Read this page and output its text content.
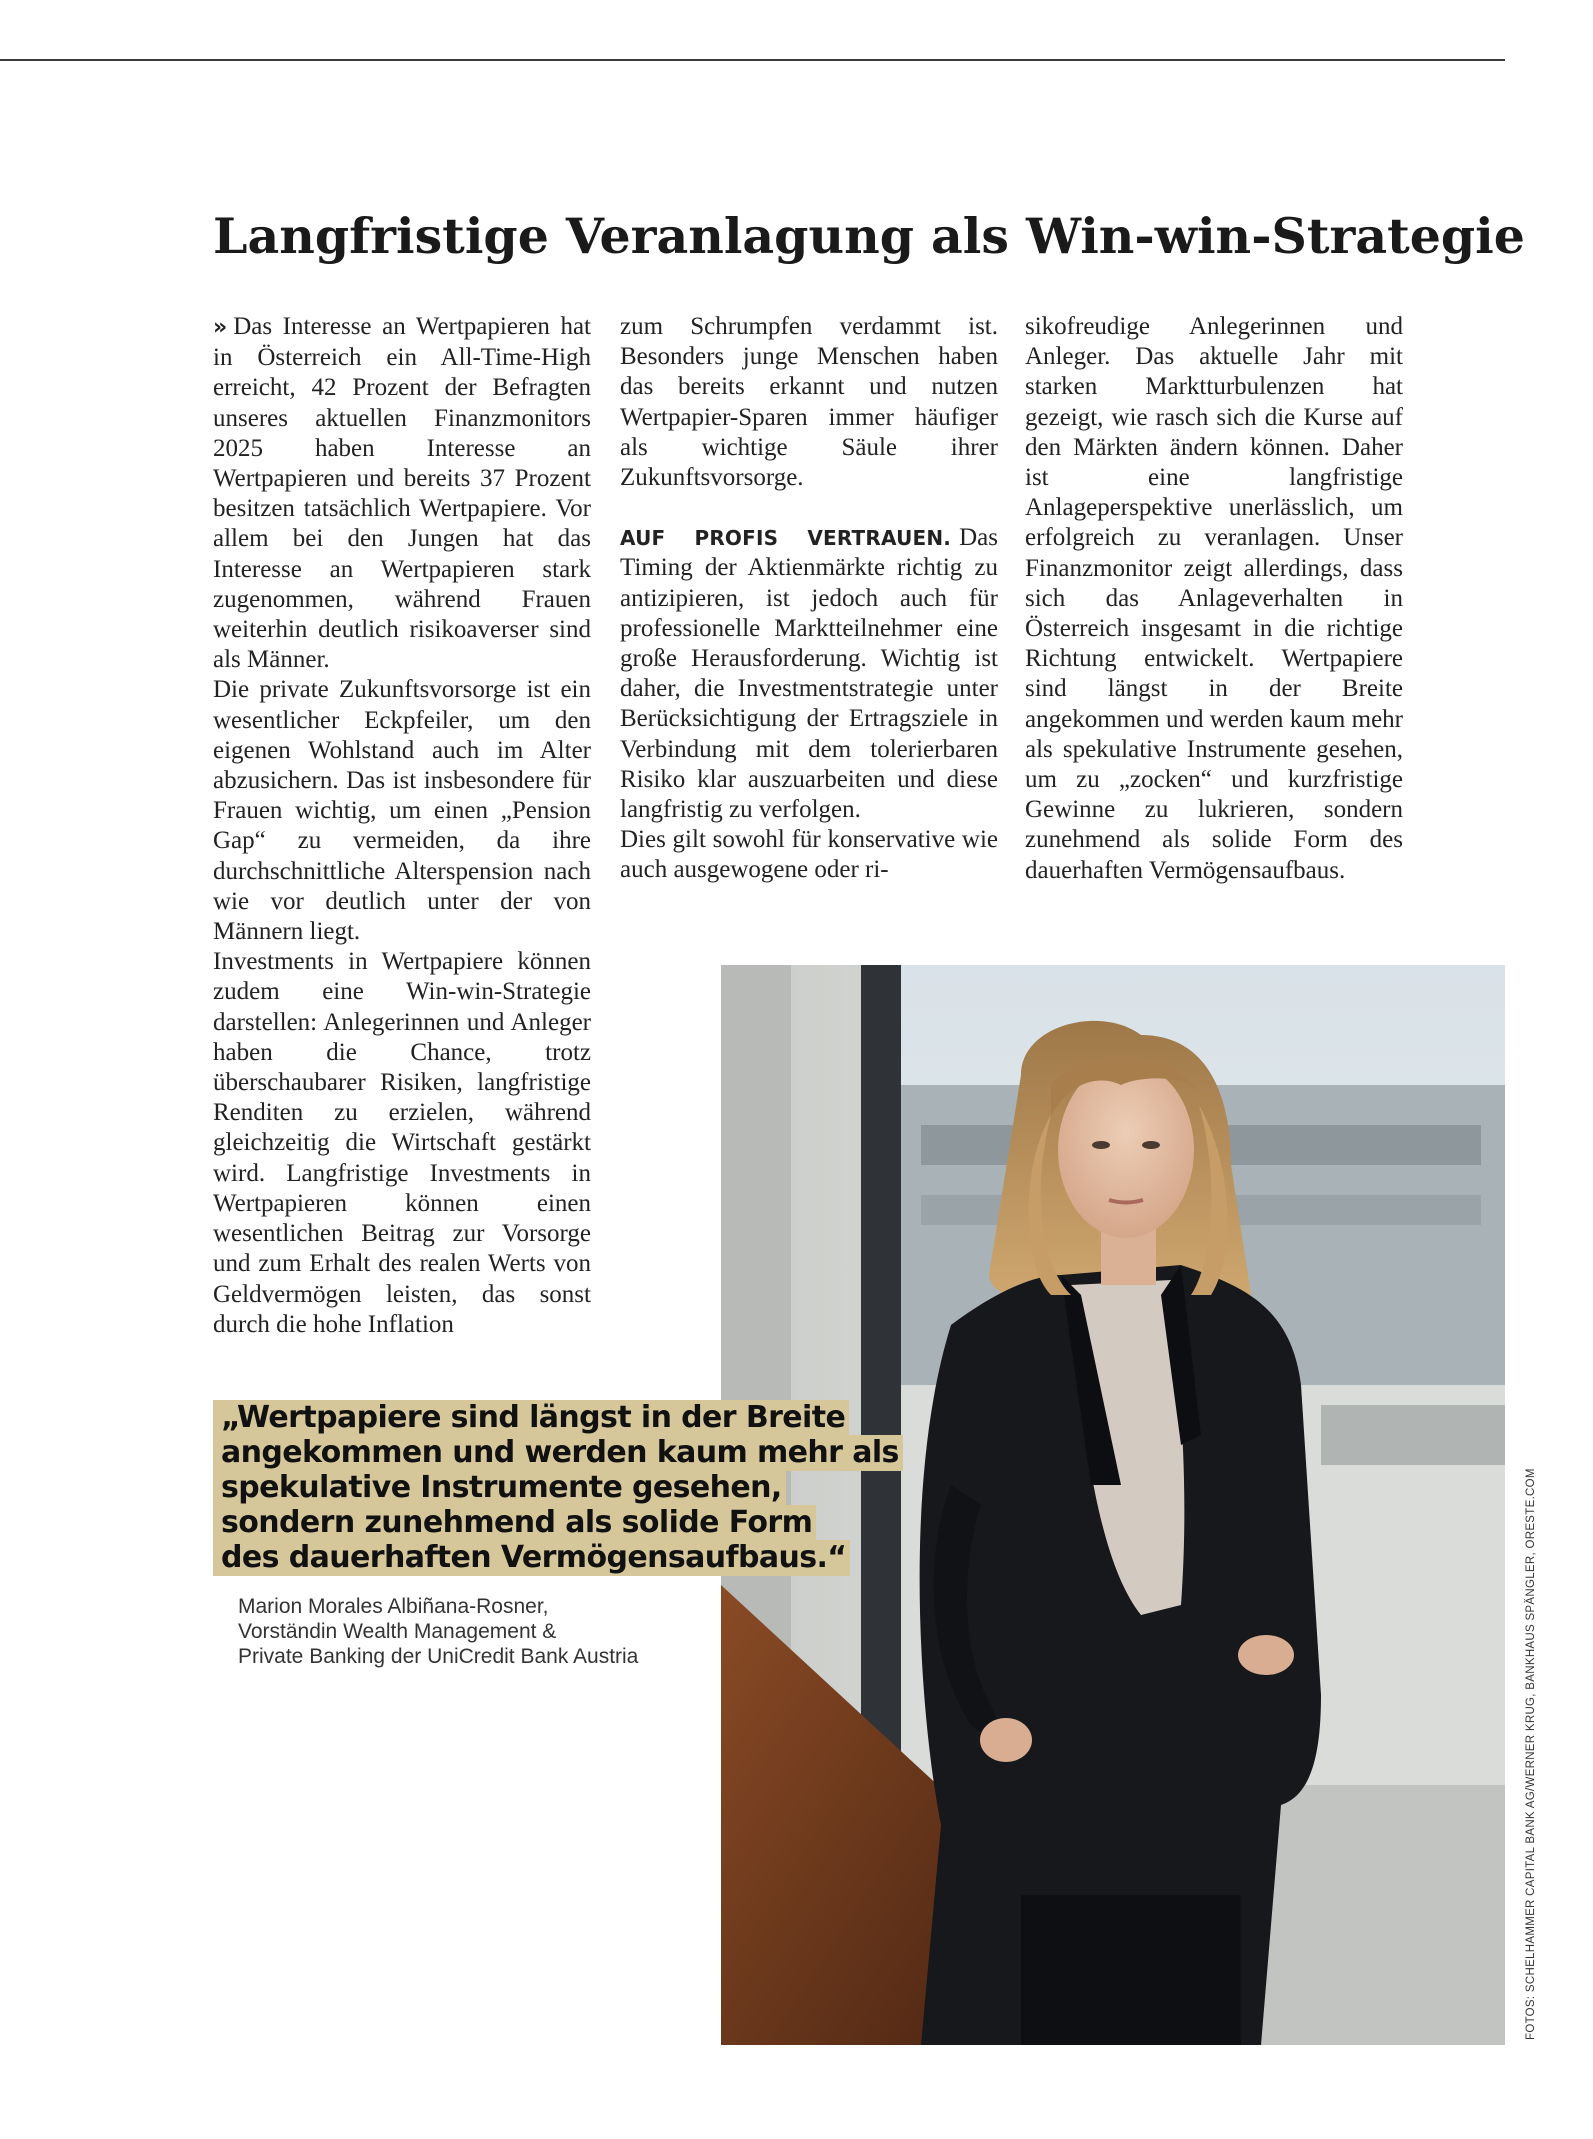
Langfristige Veranlagung als Win-win-Strategie

» Das Interesse an Wertpapieren hat in Österreich ein All-Time-High erreicht, 42 Prozent der Befragten unseres aktuellen Finanzmonitors 2025 haben Interesse an Wertpapieren und bereits 37 Prozent besitzen tatsächlich Wertpapiere. Vor allem bei den Jungen hat das Interesse an Wertpapieren stark zugenommen, während Frauen weiterhin deutlich risikoaverser sind als Männer.

Die private Zukunftsvorsorge ist ein wesentlicher Eckpfeiler, um den eigenen Wohlstand auch im Alter abzusichern. Das ist insbesondere für Frauen wichtig, um einen „Pension Gap“ zu vermeiden, da ihre durchschnittliche Alterspension nach wie vor deutlich unter der von Männern liegt.

Investments in Wertpapiere können zudem eine Win-win-Strategie darstellen: Anlegerinnen und Anleger haben die Chance, trotz überschaubarer Risiken, langfristige Renditen zu erzielen, während gleichzeitig die Wirtschaft gestärkt wird. Langfristige Investments in Wertpapieren können einen wesentlichen Beitrag zur Vorsorge und zum Erhalt des realen Werts von Geldvermögen leisten, das sonst durch die hohe Inflation

zum Schrumpfen verdammt ist. Besonders junge Menschen haben das bereits erkannt und nutzen Wertpapier-Sparen immer häufiger als wichtige Säule ihrer Zukunftsvorsorge.

AUF PROFIS VERTRAUEN. Das Timing der Aktienmärkte richtig zu antizipieren, ist jedoch auch für professionelle Marktteilnehmer eine große Herausforderung. Wichtig ist daher, die Investmentstrategie unter Berücksichtigung der Ertragsziele in Verbindung mit dem tolerierbaren Risiko klar auszuarbeiten und diese langfristig zu verfolgen.

Dies gilt sowohl für konservative wie auch ausgewogene oder ri-

sikofreudige Anlegerinnen und Anleger. Das aktuelle Jahr mit starken Marktturbulenzen hat gezeigt, wie rasch sich die Kurse auf den Märkten ändern können. Daher ist eine langfristige Anlageperspektive unerlässlich, um erfolgreich zu veranlagen. Unser Finanzmonitor zeigt allerdings, dass sich das Anlageverhalten in Österreich insgesamt in die richtige Richtung entwickelt. Wertpapiere sind längst in der Breite angekommen und werden kaum mehr als spekulative Instrumente gesehen, um zu „zocken“ und kurzfristige Gewinne zu lukrieren, sondern zunehmend als solide Form des dauerhaften Vermögensaufbaus.

„Wertpapiere sind längst in der Breite
angekommen und werden kaum mehr als
spekulative Instrumente gesehen,
sondern zunehmend als solide Form
des dauerhaften Vermögensaufbaus.“
Marion Morales Albiñana-Rosner,
Vorständin Wealth Management &
Private Banking der UniCredit Bank Austria	FOTOS: SCHELHAMMER CAPITAL BANK AG/WERNER KRUG, BANKHAUS SPÄNGLER, ORESTE.COM
